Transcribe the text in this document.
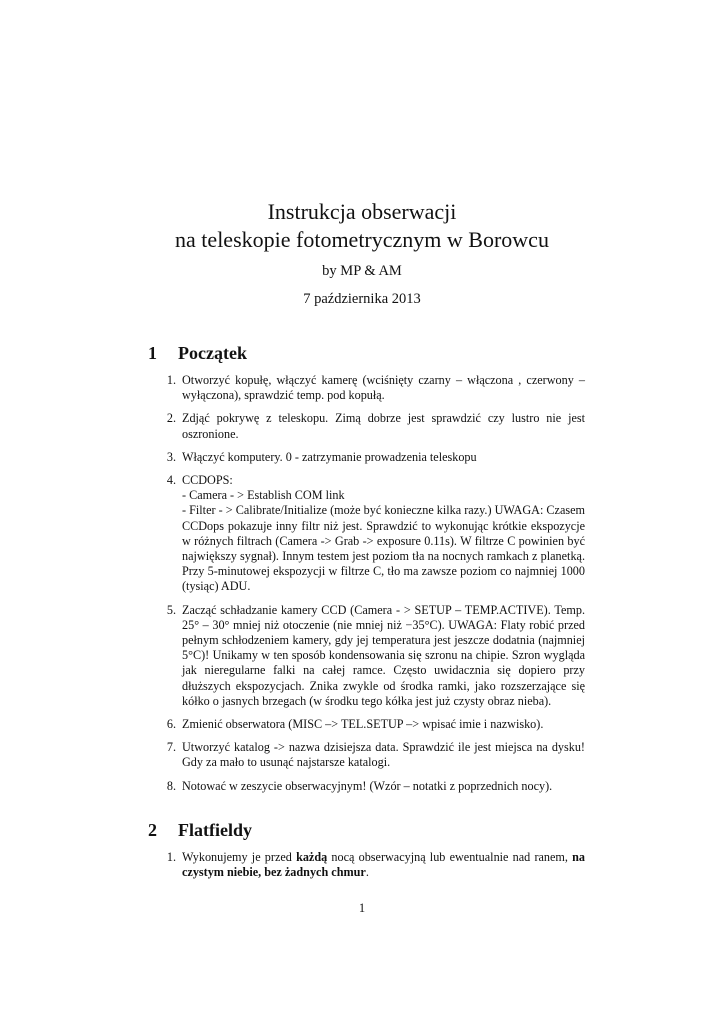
Instrukcja obserwacji
na teleskopie fotometrycznym w Borowcu
by MP & AM
7 października 2013
1 Początek
1. Otworzyć kopułę, włączyć kamerę (wciśnięty czarny – włączona , czerwony – wyłączona), sprawdzić temp. pod kopułą.
2. Zdjąć pokrywę z teleskopu. Zimą dobrze jest sprawdzić czy lustro nie jest oszronione.
3. Włączyć komputery. 0 - zatrzymanie prowadzenia teleskopu
4. CCDOPS:
- Camera - > Establish COM link
- Filter - > Calibrate/Initialize (może być konieczne kilka razy.) UWAGA: Czasem CCDops pokazuje inny filtr niż jest. Sprawdzić to wykonując krótkie ekspozycje w różnych filtrach (Camera -> Grab -> exposure 0.11s). W filtrze C powinien być największy sygnał). Innym testem jest poziom tła na nocnych ramkach z planetką. Przy 5-minutowej ekspozycji w filtrze C, tło ma zawsze poziom co najmniej 1000 (tysiąc) ADU.
5. Zacząć schładzanie kamery CCD (Camera - > SETUP – TEMP.ACTIVE). Temp. 25° – 30° mniej niż otoczenie (nie mniej niż −35°C). UWAGA: Flaty robić przed pełnym schłodzeniem kamery, gdy jej temperatura jest jeszcze dodatnia (najmniej 5°C)! Unikamy w ten sposób kondensowania się szronu na chipie. Szron wygląda jak nieregularne falki na całej ramce. Często uwidacznia się dopiero przy dłuższych ekspozycjach. Znika zwykle od środka ramki, jako rozszerzające się kółko o jasnych brzegach (w środku tego kółka jest już czysty obraz nieba).
6. Zmienić obserwatora (MISC –> TEL.SETUP –> wpisać imie i nazwisko).
7. Utworzyć katalog -> nazwa dzisiejsza data. Sprawdzić ile jest miejsca na dysku! Gdy za mało to usunąć najstarsze katalogi.
8. Notować w zeszycie obserwacyjnym! (Wzór – notatki z poprzednich nocy).
2 Flatfieldy
1. Wykonujemy je przed każdą nocą obserwacyjną lub ewentualnie nad ranem, na czystym niebie, bez żadnych chmur.
1
